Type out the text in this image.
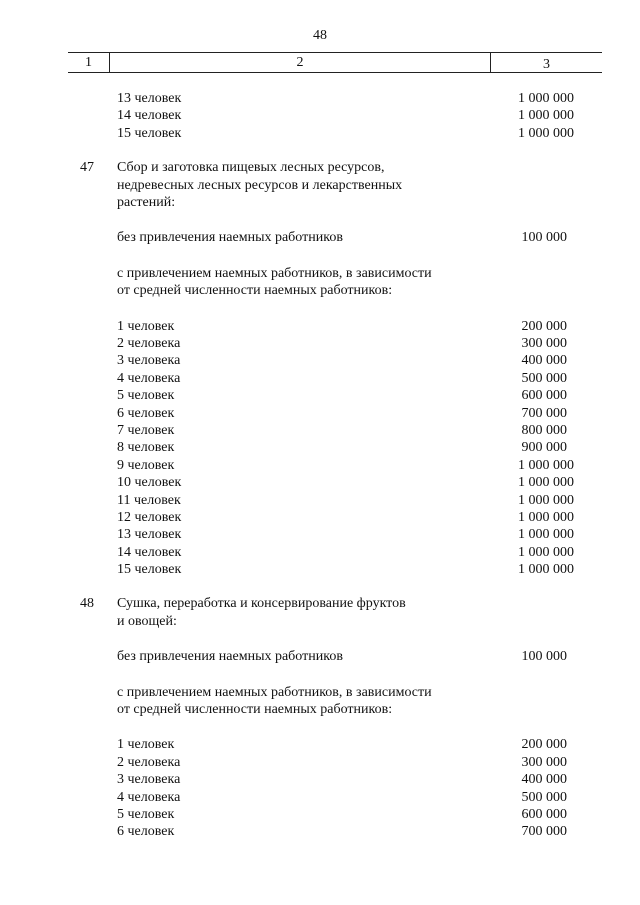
48
1	2	3
13 человек	1 000 000
14 человек	1 000 000
15 человек	1 000 000
47 Сбор и заготовка пищевых лесных ресурсов,
недревесных лесных ресурсов и лекарственных
растений:
без привлечения наемных работников	100 000
с привлечением наемных работников, в зависимости
от средней численности наемных работников:
1 человек	200 000
2 человека	300 000
3 человека	400 000
4 человека	500 000
5 человек	600 000
6 человек	700 000
7 человек	800 000
8 человек	900 000
9 человек	1 000 000
10 человек	1 000 000
11 человек	1 000 000
12 человек	1 000 000
13 человек	1 000 000
14 человек	1 000 000
15 человек	1 000 000
48 Сушка, переработка и консервирование фруктов
и овощей:
без привлечения наемных работников	100 000
с привлечением наемных работников, в зависимости
от средней численности наемных работников:
1 человек	200 000
2 человека	300 000
3 человека	400 000
4 человека	500 000
5 человек	600 000
6 человек	700 000
